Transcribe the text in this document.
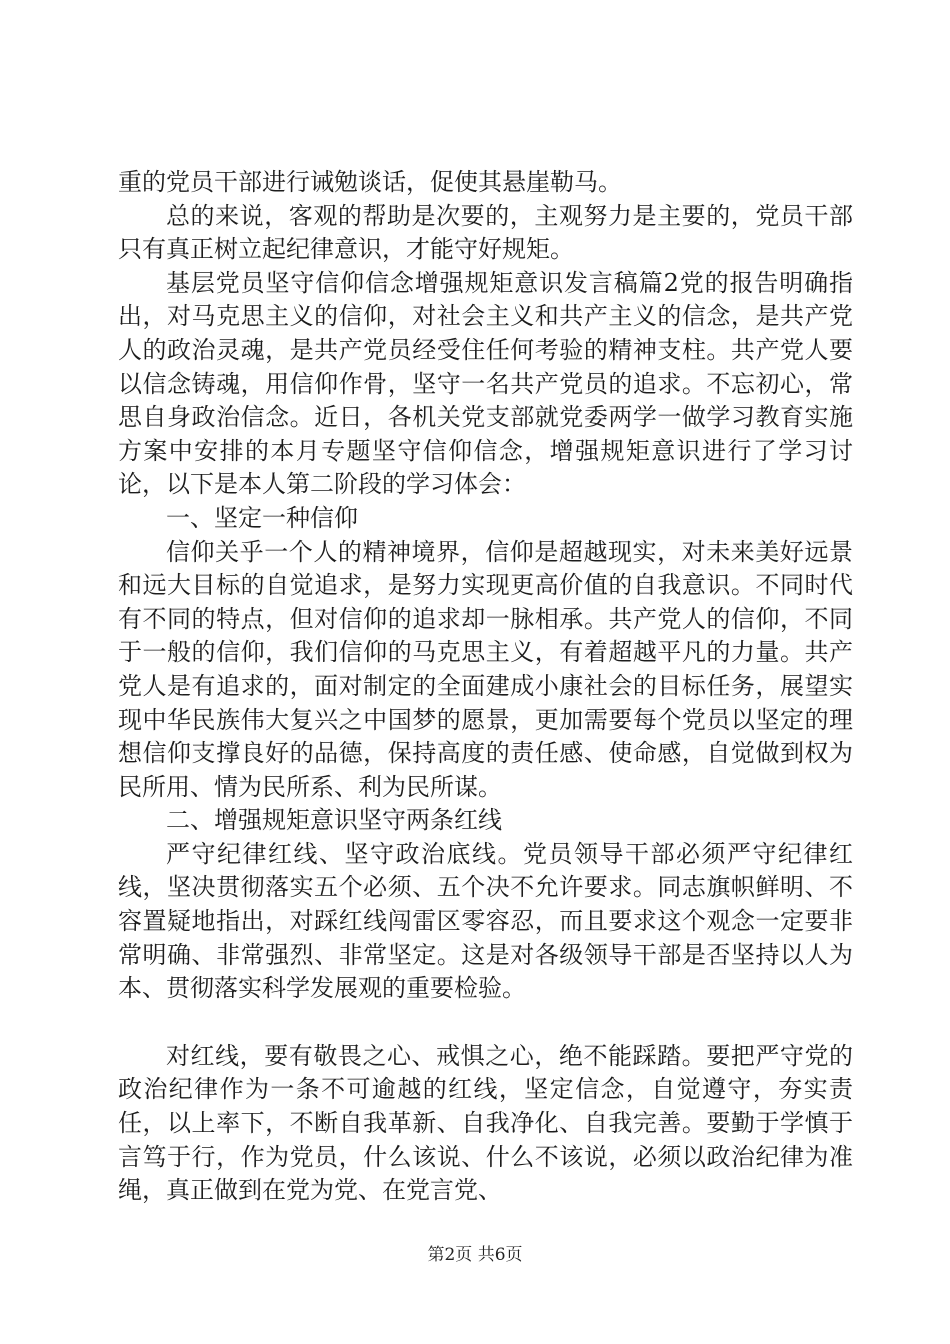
重的党员干部进行诫勉谈话，促使其悬崖勒马。

总的来说，客观的帮助是次要的，主观努力是主要的，党员干部只有真正树立起纪律意识，才能守好规矩。

基层党员坚守信仰信念增强规矩意识发言稿篇2党的报告明确指出，对马克思主义的信仰，对社会主义和共产主义的信念，是共产党人的政治灵魂，是共产党员经受住任何考验的精神支柱。共产党人要以信念铸魂，用信仰作骨，坚守一名共产党员的追求。不忘初心，常思自身政治信念。近日，各机关党支部就党委两学一做学习教育实施方案中安排的本月专题坚守信仰信念，增强规矩意识进行了学习讨论，以下是本人第二阶段的学习体会：

一、坚定一种信仰

信仰关乎一个人的精神境界，信仰是超越现实，对未来美好远景和远大目标的自觉追求，是努力实现更高价值的自我意识。不同时代有不同的特点，但对信仰的追求却一脉相承。共产党人的信仰，不同于一般的信仰，我们信仰的马克思主义，有着超越平凡的力量。共产党人是有追求的，面对制定的全面建成小康社会的目标任务，展望实现中华民族伟大复兴之中国梦的愿景，更加需要每个党员以坚定的理想信仰支撑良好的品德，保持高度的责任感、使命感，自觉做到权为民所用、情为民所系、利为民所谋。

二、增强规矩意识坚守两条红线

严守纪律红线、坚守政治底线。党员领导干部必须严守纪律红线，坚决贯彻落实五个必须、五个决不允许要求。同志旗帜鲜明、不容置疑地指出，对踩红线闯雷区零容忍，而且要求这个观念一定要非常明确、非常强烈、非常坚定。这是对各级领导干部是否坚持以人为本、贯彻落实科学发展观的重要检验。

对红线，要有敬畏之心、戒惧之心，绝不能踩踏。要把严守党的政治纪律作为一条不可逾越的红线，坚定信念，自觉遵守，夯实责任，以上率下，不断自我革新、自我净化、自我完善。要勤于学慎于言笃于行，作为党员，什么该说、什么不该说，必须以政治纪律为准绳，真正做到在党为党、在党言党、

第2页 共6页
